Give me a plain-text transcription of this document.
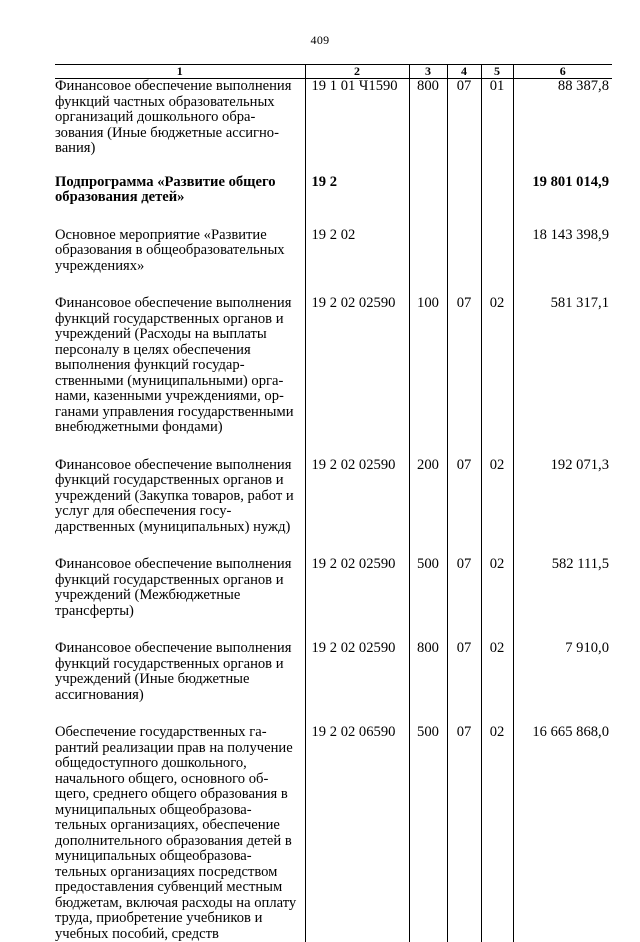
409
1	2	3	4	5	6

Финансовое обеспечение выполнения функций частных образовательных организаций дошкольного образования (Иные бюджетные ассигнования)	19 1 01 Ч1590	800	07	01	88 387,8

Подпрограмма «Развитие общего образования детей»	19 2				19 801 014,9

Основное мероприятие «Развитие образования в общеобразовательных учреждениях»	19 2 02				18 143 398,9

Финансовое обеспечение выполнения функций государственных органов и учреждений (Расходы на выплаты персоналу в целях обеспечения выполнения функций государственными (муниципальными) органами, казенными учреждениями, органами управления государственными внебюджетными фондами)	19 2 02 02590	100	07	02	581 317,1

Финансовое обеспечение выполнения функций государственных органов и учреждений (Закупка товаров, работ и услуг для обеспечения государственных (муниципальных) нужд)	19 2 02 02590	200	07	02	192 071,3

Финансовое обеспечение выполнения функций государственных органов и учреждений (Межбюджетные трансферты)	19 2 02 02590	500	07	02	582 111,5

Финансовое обеспечение выполнения функций государственных органов и учреждений (Иные бюджетные ассигнования)	19 2 02 02590	800	07	02	7 910,0

Обеспечение государственных гарантий реализации прав на получение общедоступного дошкольного, начального общего, основного общего, среднего общего образования в муниципальных общеобразовательных организациях, обеспечение дополнительного образования детей в муниципальных общеобразовательных организациях посредством предоставления субвенций местным бюджетам, включая расходы на оплату труда, приобретение учебников и учебных пособий, средств	19 2 02 06590	500	07	02	16 665 868,0
